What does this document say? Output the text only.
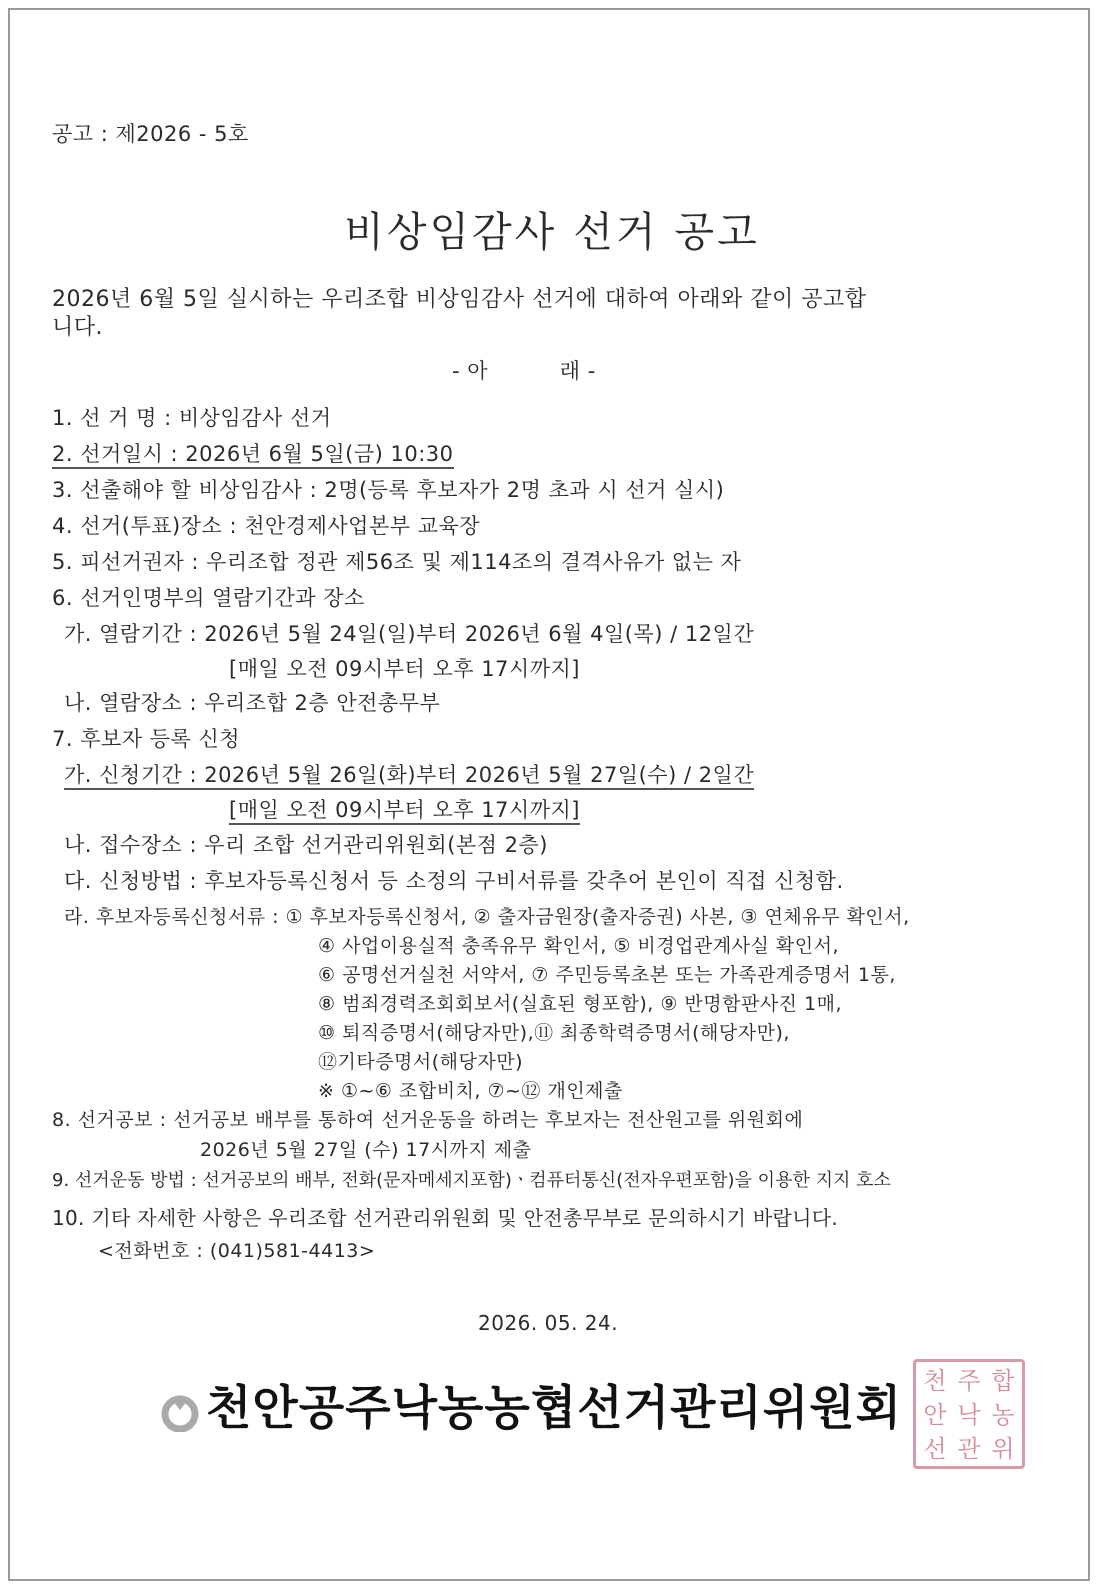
공고 : 제2026 - 5호
비상임감사 선거 공고
2026년 6월 5일 실시하는 우리조합 비상임감사 선거에 대하여 아래와 같이 공고합
니다.
- 아          래 -
1. 선 거 명 : 비상임감사 선거
2. 선거일시 : 2026년 6월 5일(금) 10:30
3. 선출해야 할 비상임감사 : 2명(등록 후보자가 2명 초과 시 선거 실시)
4. 선거(투표)장소 : 천안경제사업본부 교육장
5. 피선거권자 : 우리조합 정관 제56조 및 제114조의 결격사유가 없는 자
6. 선거인명부의 열람기간과 장소
가. 열람기간 : 2026년 5월 24일(일)부터 2026년 6월 4일(목) / 12일간
[매일 오전 09시부터 오후 17시까지]
나. 열람장소 : 우리조합 2층 안전총무부
7. 후보자 등록 신청
가. 신청기간 : 2026년 5월 26일(화)부터 2026년 5월 27일(수) / 2일간
[매일 오전 09시부터 오후 17시까지]
나. 접수장소 : 우리 조합 선거관리위원회(본점 2층)
다. 신청방법 : 후보자등록신청서 등 소정의 구비서류를 갖추어 본인이 직접 신청함.
라. 후보자등록신청서류 : ① 후보자등록신청서, ② 출자금원장(출자증권) 사본, ③ 연체유무 확인서,
④ 사업이용실적 충족유무 확인서, ⑤ 비경업관계사실 확인서,
⑥ 공명선거실천 서약서, ⑦ 주민등록초본 또는 가족관계증명서 1통,
⑧ 범죄경력조회회보서(실효된 형포함), ⑨ 반명함판사진 1매,
⑩ 퇴직증명서(해당자만),⑪ 최종학력증명서(해당자만),
⑫기타증명서(해당자만)
※ ①~⑥ 조합비치, ⑦~⑫ 개인제출
8. 선거공보 : 선거공보 배부를 통하여 선거운동을 하려는 후보자는 전산원고를 위원회에
2026년 5월 27일 (수) 17시까지 제출
9. 선거운동 방법 : 선거공보의 배부, 전화(문자메세지포함)ㆍ컴퓨터통신(전자우편포함)을 이용한 지지 호소
10. 기타 자세한 사항은 우리조합 선거관리위원회 및 안전총무부로 문의하시기 바랍니다.
<전화번호 : (041)581-4413>
2026. 05. 24.
천안공주낙농농협선거관리위원회 천 주 합
안 낙 농
선 관 위
